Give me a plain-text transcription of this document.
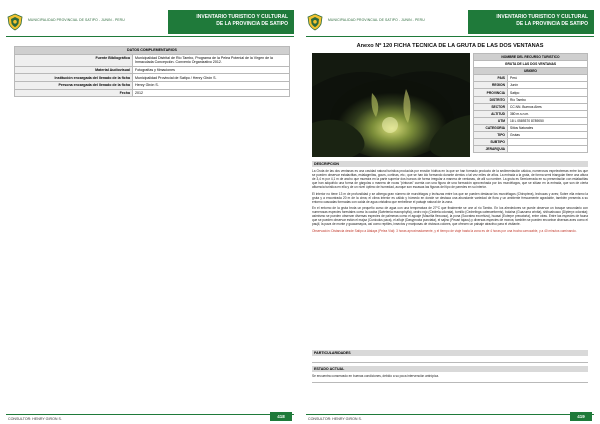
MUNICIPALIDAD PROVINCIAL DE SATIPO - JUNIN - PERU	INVENTARIO TURISTICO Y CULTURAL
DE LA PROVINCIA DE SATIPO
DATOS COMPLEMENTARIOS	
Fuente Bibliográfica	Municipalidad Distrital de Río Tambo, Programa de la Pelea Potenial de la Virgen de la Inmaculada Concepción. Convenio Organizativo 2012.
Material Audiovisual	Fotografías y filmaciones
Institución encargada del llenado de la ficha	Municipalidad Provincial de Satipo / Henry Girón S.
Persona encargada del llenado de la ficha	Henry Girón S.
Fecha	2012
CONSULTOR: HENRY GIRON S.	418
MUNICIPALIDAD PROVINCIAL DE SATIPO - JUNIN - PERU	INVENTARIO TURISTICO Y CULTURAL
DE LA PROVINCIA DE SATIPO
Anexo Nº 120 FICHA TECNICA DE LA GRUTA DE LAS DOS VENTANAS
NOMBRE DEL RECURSO TURISTICO	
GRUTA DE LAS DOS VENTANAS	
UBIGEO	
PAIS	Perú
REGION	Junín
PROVINCIA	Satipo
DISTRITO	Río Tambo
SECTOR	CC.NN. Buenos Aires
ALTITUD	380 m.s.n.m.
UTM	18 L 0589370 8789050
CATEGORIA	Sitios Naturales
TIPO	Grutas
SUBTIPO	
JERARQUIA	
DESCRIPCION

La Gruta de las dos ventanas es una cavidad natural turística producida por erosión hídrica en la que se han formado producto de la sedimentación cálcica, numerosos espeleotemas entre los que se pueden observar estalactitas, estalagmitas, gours, cortinas, etc.; que se han ido formando durante cientos o tal vez miles de años. La entrada a la gruta, de forma semi triangular tiene una altura de 3,4 m por 4,1 m de ancho que muestra en la parte superior dos huecos de forma irregular a manera de ventanas, de allí su nombre. La gruta es Semicerrada en su presentación con estalactitas que han adquirido una forma de gárgolas o manera de rocas "pinturas" cuenta con una figura de una formación aprovechada por los murciélagos, que se sitúan en la entrada, que son de cierta afluencia turística en ella y de un nivel óptimo de humedad, aunque son escasas las figuras del tipo de paredes en su interior.

El interior no tiene 13 m de profundidad y se alberga gran número de murciélagos y lechuzas entre los que se pueden destacar los murciélagos (Chiroptera), lechuzas y aves; Sobre ella mismo la gruta y a encontrada 20 m de la cima; el clima interior es cálido y húmedo en donde se destaca una abundante variedad de flora y un ambiente frescamente agradable, también presenta a su entorno cascadas formadas con caída de agua cristalina que embellece el paisaje natural de la zona.

En el entorno de la gruta brota un pequeño curso de agua con una temperatura de 27ºC que finalmente se une al río Tambo. En los alrededores se puede observar un bosque secundario con numerosas especies forestales como la caoba (Swietenia macrophylla), cedro rojo (Cedrela odorata), tornillo (Cedrelinga catenaeformis), bolaina (Guazuma crinita), shihuahuaco (Dipteryx odorata); asimismo se pueden observar diversas especies de palmeras como el aguaje (Mauritia flexuosa), la pona (Socratea exorrhiza), huasaí (Euterpe precatoria), entre otras. Entre las especies de fauna que se pueden observar están el majaz (Cuniculus paca), el añuje (Dasyprocta punctata), el sajino (Pecari tajacu) y diversas especies de monos; también se pueden encontrar diversas aves como el paujil, la pava de monte y guacamayos, así como reptiles, insectos y mariposas de vistosos colores, que ofrecen un paisaje atractivo para el visitante.

Observación: Distancia desde Satipo a Atalaya (Pelea Vial): 3 horas aproximadamente, y el tiempo de viaje hasta la zona es de 4 horas por una trocha carrozable, y a 40 minutos caminando.

PARTICULARIDADES
ESTADO ACTUAL
Se encuentra conservado en buenas condiciones, debido a su poca intervención antrópica.
CONSULTOR: HENRY GIRON S.	419
